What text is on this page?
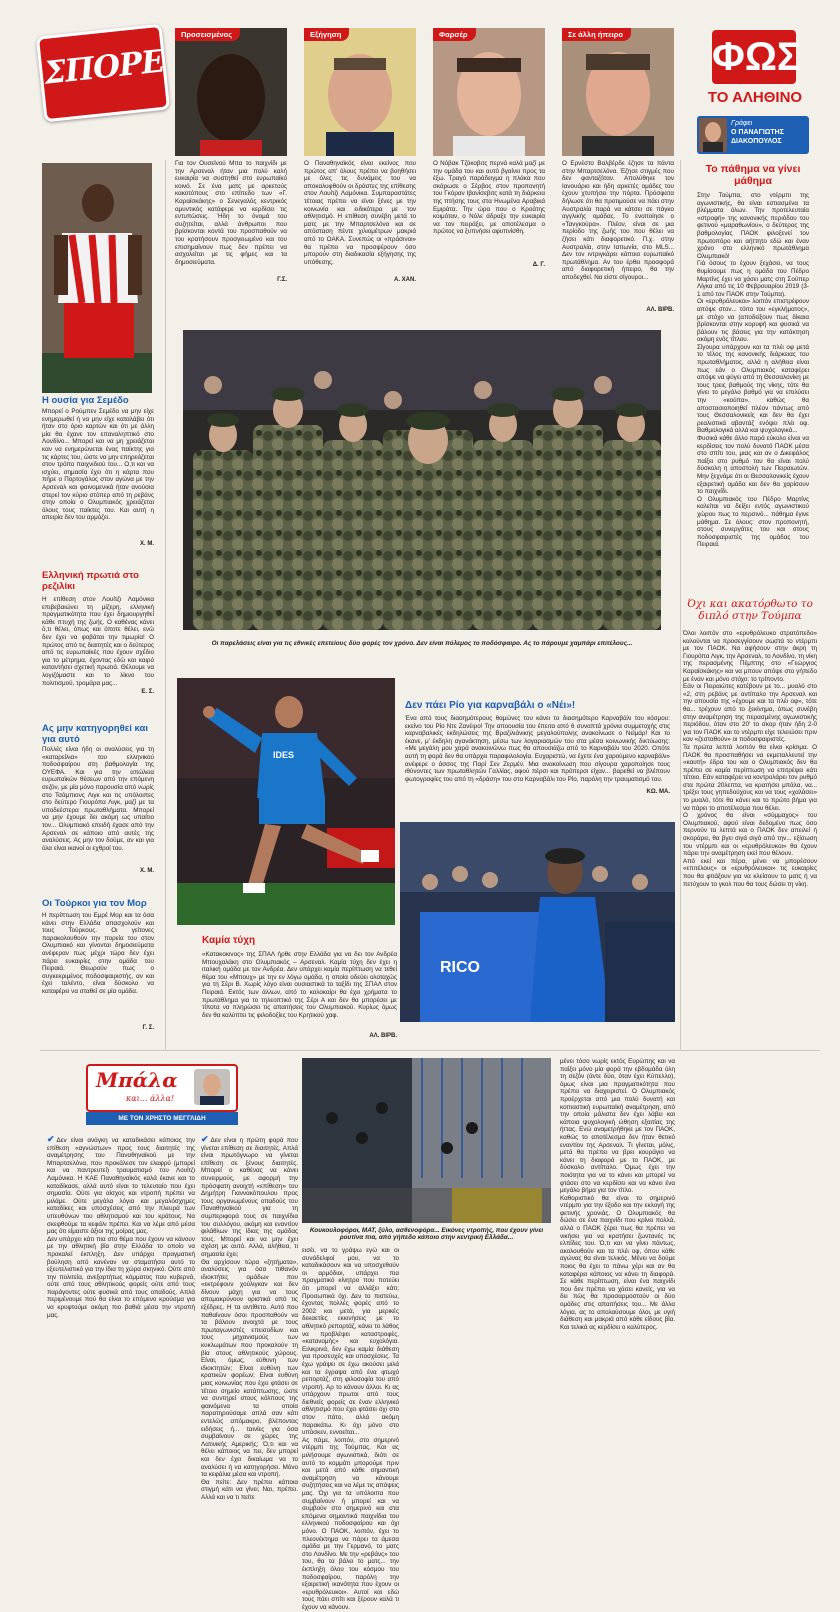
ΣΠΟΡΕ
Προσεισμένος	Εξήγηση	Φαρσέρ	Σε άλλη ήπειρο
Για τον Ουσεϊνού Μπα το παιχνίδι με την Αρσεναλ ήταν μια πολύ καλή ευκαιρία να συστηθεί στο ευρωπαϊκό κοινό. Σε ένα ματς με αρκετούς κακοτόπους στο επίπεδο των «Γ. Καραϊσκάκης» ο Σενεγαλός κεντρικός αμυντικός κατάφερε να κερδίσει τις εντυπώσεις. Ήδη το όνομά του συζητείται, αλλά άνθρωποι που βρίσκονται κοντά του προσπαθούν να του κρατήσουν προσγειωμένο και του επισημαίνουν πως δεν πρέπει να ασχολείται με τις φήμες και τα δημοσιεύματα.
Γ.Σ.
Ο Παναθηναϊκός είναι εκείνος που πρώτος απ' όλους πρέπει να βοηθήσει με όλες τις δυνάμεις του να αποκαλυφθούν οι δράστες της επίθεσης στον Λουίτζι Λαμόνικα. Συμπαραστάτες τέτοιας πρέπει να είναι ξένες με την κοινωνία και ειδικότερα με τον αθλητισμό. Η επίθεση συνέβη μετά το ματς με την Μπαρτσελόνα και σε απόσταση πέντε χιλιομέτρων μακριά από το ΟΑΚΑ. Συνεπώς οι «πράσινοι» θα πρέπει να προσφέρουν όσο μπορούν στη διαδικασία εξήγησης της υπόθεσης.
Α. ΧΑΝ.
Ο Νόβακ Τζόκοβιτς περνά καλά μαζί με την ομάδα του και αυτό βγαίνει προς τα έξω. Τραγό παράδειγμα η πλάκα που σκάρωσε ο Σέρβος στον προπονητή του Γκόραν Ιβανίσεβιτς κατά τη διάρκεια της πτήσης τους στα Ηνωμένα Αραβικά Εμιράτα. Την ώρα που ο Κροάτης κοιμόταν, ο Νόλε άδραξε την ευκαιρία να τον πειράξει, με αποτέλεσμα ο πρώτος να ξυπνήσει αφυπνίσθη.
Δ. Γ.
Ο Ερνέστο Βαλβέρδε έζησε τα πάντα στην Μπαρτσελόνα. Έζησε στιγμές που δεν φανταζόταν. Απολύθηκε τον Ιανουάριο και ήδη αρκετές ομάδες του έχουν χτυπήσει την πόρτα. Πρόσφατα δήλωσε ότι θα προτιμούσε να πάει στην Αυστραλία παρά να κάτσει σε πάγκο αγγλικής ομάδας. Το ενοποίησε ο «Τανγκούρα». Πλέον, είναι σε μια περίοδο της ζωής του που θέλει να ζήσει κάτι διαφορετικό. Π.χ. στην Αυστραλία, στην Ιαπωνία, στο MLS... Δεν τον ιντριγκάρει κάποιο ευρωπαϊκό πρωτάθλημα. Αν του έρθει προσφορά από διαφορετική ήπειρο, θα την αποδεχθεί. Να είστε σίγουροι...
ΑΛ. ΒΙΡΒ.
ΦΩΣ
ΤΟ ΑΛΗΘΙΝΟ
Γράφει
Ο ΠΑΝΑΓΙΩΤΗΣ ΔΙΑΚΟΠΟΥΛΟΣ
Το πάθημα να γίνει μάθημα
Στην Τούμπα, στο ντέρμπι της αγωνιστικής, θα είναι εστιασμένα τα βλέμματα όλων. Την προτελευταία «στροφή» της κανονικής περιόδου του φετινού «μαραθωνίου», ο δεύτερος της βαθμολογίας ΠΑΟΚ φιλοξενεί τον πρωτοπόρο και αήττητο εδώ και έναν χρόνο στο ελληνικό πρωτάθλημα Ολυμπιακό!
Γιά όσους το έχουν ξεχάσει, να τους θυμίσουμε πως η ομάδα του Πέδρο Μαρτίνς έχει να χάσει ματς στη Σούπερ Λίγκα από τις 10 Φεβρουαρίου 2019 (3-1 από τον ΠΑΟΚ στην Τούμπα).
Οι «ερυθρόλευκοι» λοιπόν επιστρέφουν απόψε στον... τόπο του «εγκλήματος», με στόχο να (αποδείξουν πως δίκαια βρίσκονται στην κορυφή και φυσικά να βάλουν τις βάσεις για την κατάκτηση ακόμη ενός τίτλου.
Σίγουρα υπάρχουν και τα πλέι οφ μετά το τέλος της κανονικής διάρκειας του πρωταθλήματος, αλλά η αλήθεια είναι πως εάν ο Ολυμπιακός καταφέρει απόψε να φύγει από τη Θεσσαλονίκη με τους τρεις βαθμούς της νίκης, τότε θα γίνει το μεγάλο βαθμό για να επιλύσει την «κούπα», καθώς θα αποστασιοποιηθεί πλέον πάντως από τους Θεσσαλονικείς και δεν θα έχει ρεαλιστικά αβαντάζ ενόψει πλέι οφ. Βαθμολογικά αλλά και ψυχολογικά...
Φυσικά κάθε άλλο παρά εύκολο είναι να κερδίσεις τον πολύ δυνατό ΠΑΟΚ μέσα στο σπίτι του, μιας και αν ο Δικεφάλος παίξει στο ρυθμό του θα είναι πολύ δύσκολη η αποστολή των Πειραιωτών. Μην ξεχνάμε ότι οι Θεσσαλονικείς έχουν εξαιρετική ομάδα και δεν θα χαρίσουν το παιχνίδι.
Ο Ολυμπιακός του Πέδρο Μαρτίνς καλείται να δείξει εντός αγωνιστικού χώρου πως το περσινό... πάθημα έγινε μάθημα. Σε όλους: στον προπονητή, στους συνεργάτες του και στους ποδοσφαιριστές της ομάδας του Πειραιά.
Όχι και ακατόρθωτο το διπλό στην Τούμπα
Όλοι λοιπόν στο «ερυθρόλευκο στρατόπεδο» καλούνται να προσεγγίσουν σωστά το ντέρμπι με τον ΠΑΟΚ. Να αφήσουν στην άκρη τη Γιουρόπα Λιγκ, την Αρσεναλ, το Λονδίνο, τη νίκη της περασμένης Πέμπτης στο «Γεώργιος Καραϊσκάκης» και να μπουν απόψε στο γήπεδο με έναν και μόνο στόχο: το τρίποντο.
Εάν οι Πειραιώτες κατέβουν με το... μυαλό στο «2, στη ρεβάνς με αντίπαλο την Αρσεναλ και την απουσία της «έχουμε και τα πλέι οφ», τότε θα... τρέχουν από το ξεκίνημα, όπως συνέβη στην αναμέτρηση της περασμένης αγωνιστικής περιόδου, όταν στο 20' το σκορ ήταν ήδη 2-0 για τον ΠΑΟΚ και το ντέρμπι είχε τελειώσει πριν καν «ζεσταθούν» οι ποδοσφαιριστές.
Τα πρώτα λεπτά λοιπόν θα είναι κρίσιμα. Ο ΠΑΟΚ θα προσπαθήσει να εκμεταλλευτεί την «καυτή» έδρα του και ο Ολυμπιακός δεν θα πρέπει σε καμία περίπτωση να επιτρέψει κάτι τέτοιο. Εάν καταφέρει να κοντρολάρει τον ρυθμό στα πρώτα 20λεπτα, να κρατήσει μπάλα, να... τρέξει τους γηπεδούχους και να τους «χαλάσει» το μυαλό, τότε θα κάνει και το πρώτο βήμα για να πάρει το αποτέλεσμα που θέλει.
Ο χρόνος θα είναι «σύμμαχος» του Ολυμπιακού, αφού είναι δεδομένο πως όσο περνούν τα λεπτά και ο ΠΑΟΚ δεν απειλεί ή σκοράρει, θα βγει σιγά σιγά από την... εξίσωση του ντέρμπι και οι «ερυθρόλευκοι» θα έχουν πάρει την αναμέτρηση εκεί που θέλουν.
Από εκεί και πέρα, μένει να μπορέσουν «επιτέλους» οι «ερυθρόλευκοι» τις ευκαιρίες που θα φτιάξουν για να κλείσουν το ματς ή να πετύχουν το γκολ που θα τους δώσει τη νίκη.
Η ουσία για Σεμέδο
Μπορεί ο Ρούμπεν Σεμέδο να μην είχε ενημερωθεί ή να μην είχε καταλάβει ότι ήταν στο όριο καρτών και ότι με άλλη μία θα έχανε τον επαναληπτικό στο Λονδίνο... Μπορεί και να μη χρειάζεται καν να ενημερώνεται ένας παίκτης για τις κάρτες του, ώστε να μην επηρεάζεται στον τρόπο παιχνιδιού του... Ο,τι και να ισχύει, σημασία έχει ότι η κάρτα που πήρε ο Πορτογάλος στον αγώνα με την Αρσεναλ και φαινομενικά ήταν ανούσια στερεί τον κύριο στόπερ από τη ρεβάνς στην οποία ο Ολυμπιακός χρειάζεται όλους τους παίκτες του. Και αυτή η απειρία δεν του αρμόζει.
Χ. Μ.
Ελληνική πρωτιά στο ρεζιλίκι
Η επίθεση στον Λουίτζι Λαμόνικα επιβεβαιώνει τη μίζερη, ελληνική πραγματικότητα που έχει δημιουργηθεί κάθε πτυχή της ζωής. Ο καθένας κάνει ό,τι θέλει, όπως και όποτε θέλει, ενώ δεν έχει να φοβάται την τιμωρία! Ο πρώτος από τις διαιτητές και ο δεύτερος από τις ευρωπαϊκές που έχουν σχέδιο για το μέτρημα, έχοντας εδώ και καιρό καταντήσει σχετική πρωτιά. Θέλουμε να λογιζόμαστε και το λίκνο του πολιτισμού, τρομάρα μας...
Ε. Σ.
Ας μην κατηγορηθεί και για αυτό
Πολλές είναι ήδη οι αναλύσεις για τη «καταρείλια» του ελληνικού ποδοσφαίρου στη βαθμολογία της ΟΥΕΦΑ. Και για την απώλεια ευρωπαϊκών θέσεων από την επόμενη σεζόν, με μία μόνο παρουσία από νωρίς στο Τσάμπιονς Λιγκ και τις υπόλοιπες στο δεύτερο Γιουρόπα Λιγκ, μαζί με τα υποδεέστερα πρωταθλήματα. Μπορεί να μην έχουμε δει ακόμη ως υπαίτιο τον... Ολυμπιακό επειδή έχασε από την Αρσεναλ σε κάποιο από αυτές της αναλύσεις. Ας μην τον δούμε, αν και για όλα είναι ικανοί οι εχθροί του.
Χ. Μ.
Οι Τούρκοι για τον Μορ
Η περίπτωση του Εμρέ Μορ και τα όσα κάνει στην Ελλάδα απασχολούν και τους Τούρκους. Οι γείτονες παρακολουθούν την πορεία του στον Ολυμπιακό και γίνονται δημοσιεύματα ανέφεραν πως μέχρι τώρα δεν έχει πάρει ευκαιρίες στην ομάδα του Πειραιά. Θεωρούν πως ο συγκεκριμένος ποδοσφαιριστής, αν και έχει ταλέντο, είναι δύσκολο να καταφέρει να σταθεί σε μία ομάδα.
Γ. Σ.
Οι παρελάσεις είναι για τις εθνικές επετείους δύο φορές τον χρόνο. Δεν είναι πόλεμος το ποδόσφαιρο. Ας το πάρουμε χαμπάρι επιτέλους...
IDES
Δεν πάει Ρίο για καρναβάλι ο «Νέι»!
Ένα από τους διασημότερους θαμώνες του κάνει το διασημότερο Καρναβάλι του κόσμου: εκείνο του Ρίο Ντε Ζανέιρο! Την αποουσία του έπειτα από 6 συναπτά χρόνια συμμετοχής στις καρναβαλικές εκδηλώσεις της Βραζιλιάνικης μεγαλούπολης ανακοίνωσε ο Νεϊμάρ! Και το έκανε, μ' έκδηλη αγανάκτηση, μέσω των λογαριασμών του στα μέσα κοινωνικής δικτύωσης: «Με μεγάλη μου χαρά ανακοινώνω πως θα απουσιάζω από το Καρναβάλι του 2020. Οπότε αυτή τη φορά δεν θα υπάρχει παραφιλολογία. Ευχαριστώ, να έχετε ένα χαρούμενο καρναβάλι» ανέφερε ο άσσος της Παρί Σεν Ζερμέν. Μια ανακοίνωση που σίγουρα χαροποίησε τους ιθύνοντες των πρωταθλητών Γαλλίας, αφού πέρσι και πρόπερσι είχαν... βαρεθεί να βλέπουν φωτογραφίες του από τη «δράση» του στο Καρναβάλι του Ρίο, παρόλη την τραυματισμό του.
ΚΩ. ΜΑ.
RICO
Καμία τύχη
«Κατακοκινος» της ΣΠΑΛ ήρθε στην Ελλάδα για να δει τον Ανδρέα Μπουχαλάκη στο Ολυμπιακός – Αρσεναλ. Καμία τύχη δεν έχει η ιταλική ομάδα με τον Ανδρέα. Δεν υπάρχει καμία περίπτωση να τεθεί θέμα του «Μπουχ» με την εν λόγω ομάδα, η οποία οδεύει ολοταχώς για τη Σέρι Β. Χωρίς λόγο είναι ουσιαστικά το ταξίδι της ΣΠΑΛ στον Πειραιά. Εκτός των άλλων, από το καλοκαίρι θα έχει χρήματα το πρωτάθλημα για το τηλεοπτικό της Σέρι Α και δεν θα μπορέσει με τίποτα να πληρώσει τις απαιτήσεις του Ολυμπιακού. Κυρίως όμως δεν θα καλύπτει τις φιλοδοξίες του Κρητικού χαφ.
ΑΛ. ΒΙΡΒ.
Μπάλα
και... άλλα!
ΜΕ ΤΟΝ ΧΡΗΣΤΟ ΜΕΓΓΛΙΔΗ
✔ Δεν είναι ανάγκη να καταδικάσει κάποιος την επίθεση «αγνώστων» προς τους διαιτητές της αναμέτρησης του Παναθηναϊκού με την Μπαρτσελόνα, που προκάλεσε τον ελαφρύ (μπορεί και να παντρευτεί) τραυματισμό του Λουίτζι Λαμόνικα. Η ΚΑΕ Παναθηναϊκός καλά έκανε και το καταδίκασε, αλλά αυτό είναι το τελευταίο που έχει σημασία. Ούτε για αίσχος και ντροπή πρέπει να μιλάμε. Ούτε μεγάλα λόγια και μεγαλόσχημες καταδίκες και υποσχέσεις από την πλευρά των υπευθύνων του αθλητισμού και του κράτους. Να σκεφθούμε τα κεφάλι πρέπει. Και να λέμε από μέσα μας ότι είμαστε άξιοι της μοίρας μας.
Δεν υπάρχει κάτι πια στο θέμα που έχουν να κάνουν με την αθλητική βία στην Ελλάδα το οποίο να προκαλεί έκπληξη. Δεν υπάρχει πραγματική βούληση από κανέναν να σταματήσει αυτό το εξευτελιστικό για την ίδια τη χώρα σκηνικό. Ούτε από την πολιτεία, ανεξαρτήτως κόμματος που κυβερνά, ούτε από τους αθλητικούς φορείς ούτε από τους παράγοντες ούτε φυσικά από τους οπαδούς. Απλά περιμένουμε πού θα είναι το επόμενο κρούσμα για να κρυφτούμε ακόμη πιο βαθιά μέσα την ντροπή μας.
✔ Δεν είναι η πρώτη φορά που γίνεται επίθεση σε διαιτητές. Απλά είναι πρωτόγνωρο να γίνεται επίθεση σε ξένους διαιτητές. Μπορεί ο καθένας να κάνει συνειρμούς, με αφορμή την πρόσφατη ανοιχτή «επίθεση» του Δημήτρη Γιαννακόπουλου προς τους οργανωμένους οπαδούς του Παναθηναϊκού για τη συμπεριφορά τους σε παιχνίδια του συλλόγου, ακόμη και εναντίον φιλάθλων της ίδιας της ομάδας τους. Μπορεί και να μην έχει σχέση με αυτό. Αλλά, αλήθεια, τι σημασία έχει;
Θα αρχίσουν τώρα «ζητήματα», αναλύσεις για όσα πιθανόν ιδιοκτήτες ομάδων που «εκτρέφουν χούλιγκαν και δεν δίνουν μάχη για να τους απομακρύνουν οριστικά από τις εξέδρες. Η τα αντίθετο. Αυτό που παθαίνουν όσοι προσπαθούν να τα βάλουν ανοιχτά με τους πρωταγωνιστές επεισοδίων και τους μηχανισμούς των κυκλωμάτων που προκαλούν τη βία στους αθλητικούς χώρους. Είναι, όμως, εύθυνη των ιδιοκτητών; Είναι ευθύνη των κρατικών φορέων; Είναι ευθύνη μιας κοινωνίας που έχει φτάσει σε τέτοιο σημείο κατάπτωσης, ώστε να συντηρεί στους κόλπους της φαινόμενα τα οποία παρατηρούσαμε απλά σαν κάτι εντελώς απόμακρο, βλέποντας ειδήσεις ή... ταινίες για όσα συμβαίνουν σε χώρες της Λατινικής Αμερικής; Ό,τι και να θέλει κάποιος να πει, δεν μπορεί και δεν έχει δικαίωμα να το αναλύσει ή να κατηγορήσει. Μόνο τα κεφάλια μέσα και ντροπή.
Θα πείτε: Δεν πρέπει κάποια στιγμή κάτι να γίνει; Ναι, πρέπει. Αλλά και να τι πείτε
Κουκουλοφόροι, ΜΑΤ, ξύλο, ασθενοφόρα... Εικόνες ντροπής, που έχουν γίνει ρουτίνα πια, από γήπεδο κάποιο στην κεντρική Ελλάδα...
εισέι, να το γράψω εγώ και οι συνάδελφοί μου, να το καταδικάσουν και να υποσχεθούν οι αρμόδιοι, υπάρχει πια πραγματικό κίνητρο που ποτεύει ότι μπορεί να αλλάξει κάτι; Προσωπικά όχι. Δεν το πιστεύω, έχοντας πολλές φορές από το 2002 και μετά, για μερικές δεκαετίες εκκινήσεις με το αθλητικό ρεπορτάζ, κάνει το λάθος να προβλέψει καταστροφές, «κατανομής» και ευχολόγια. Ειλικρινά, δεν έχω καμία διάθεση για προσευχές και υποσχέσεις. Τα έχω γράψει σε έχω ακούσει μιλά και τα έγραψα από ένα φτωχό ρεπορτάζ, στη φιλοσοφία του από ντροπή. Αρ το κάνουν άλλοι. Κι ας υπάρχουν πρωτοι από τους διεθνείς φορείς σε έναν ελληνικό αθλητισμό που έχει φτάσει όχι στο στον πάτο, αλλά ακόμη παρακάτω. Κι όχι μόνο στο υπόσκεν, εννοείται...
Ας πάμε, λοιπόν, στο σημερινό ντέρμπι της Τούμπας. Και ας μιλήσουμε αγωνιστικά, διότι σε αυτό το κομμάτι μπορούμε πριν και μετά από κάθε σημαντική αναμέτρηση να κάνουμε συζητήσεις και να λέμε τις απόψεις μας. Όχι για τα υπόλοιπα που συμβαίνουν ή μπορεί και να συμβούν στο σημερινό και στα επόμενα σημαντικά παιχνίδια του ελληνικού ποδοσφαίρου και όχι μόνο. Ο ΠΑΟΚ, λοιπόν, έχει το πλεονέκτημα να πάρει τα άμεσα ομάδα με την Γερμανό, το ματς στο Λονδίνο. Με την «ρεβάνς» του του, θα τα βάλει το ματς... την έκπληξη όλου του κόσμου του ποδοσφαίρου, παρόλη την εξαιρετική ικανότητα που έχουν οι «ερυθρόλευκοι». Αυτοί και εδώ τους πάει σπίτι και ξέρουν καλά τι έχουν να κάνουν.
μένει τόσο νωρίς εκτός Ευρώπης και να παίξει μόνο μία φορά την εβδομάδα όλη τη σεζόν (άντε δύο, όταν έχει Κύπελλο), όμως είναι μια πραγματικότητα που πρέπει να διαχειριστεί. Ο Ολυμπιακός προέρχεται από μια πολύ δυνατή και κοπιαστική ευρωπαϊκή αναμέτρηση, από την οποία μάλιστα δεν έχει λάβει και κάποια ψυχολογική ώθηση εξαιτίας της ήττας. Ενώ αναμετρήθηκε με τον ΠΑΟΚ, καθώς το αποτέλεσμα δεν ήταν θετικό εναντίον της Αρσεναλ. Τι γίνεται, μόλις, μετά θα πρέπει να βρει κουράγιο να κάνει τη διαφορά με το ΠΑΟΚ, με δύσκολο αντίπαλο. Όμως έχει την ποιότητα για να το κάνει και μπορεί να φτάσει στο να κερδίσει και να κάνει ένα μεγάλο βήμα για τον τίτλο.
Καθοριστικό θα είναι το σημερινό ντέρμπι για την έξοδο και την εκλογή της φετινής χρονιάς. Ο Ολυμπιακός θα δώσει σε ένα παιχνίδι που κρίνει πολλά, αλλά ο ΠΑΟΚ ξέρει πως θα πρέπει να νικήσει για να κρατήσει ζωντανές τις ελπίδες του. Ό,τι και να γίνει πάντως, ακολουθούν και τα πλέι οφ, όπου κάθε αγώνας θα είναι τελικός. Μένει να δούμε ποιος θα έχει το πάνω χέρι και αν θα καταφέρει κάποιος να κάνει τη διαφορά. Σε κάθε περίπτωση, είναι ένα παιχνίδι που δεν πρέπει να χάσει κανείς, για να δει πώς θα προσαρμοστούν οι δύο ομάδες στις απαιτήσεις του... Με άλλα λόγια, ας το απολαύσουμε όλοι, με υγιή διάθεση και μακριά από κάθε είδους βία. Και τελικά ας κερδίσει ο καλύτερος.
